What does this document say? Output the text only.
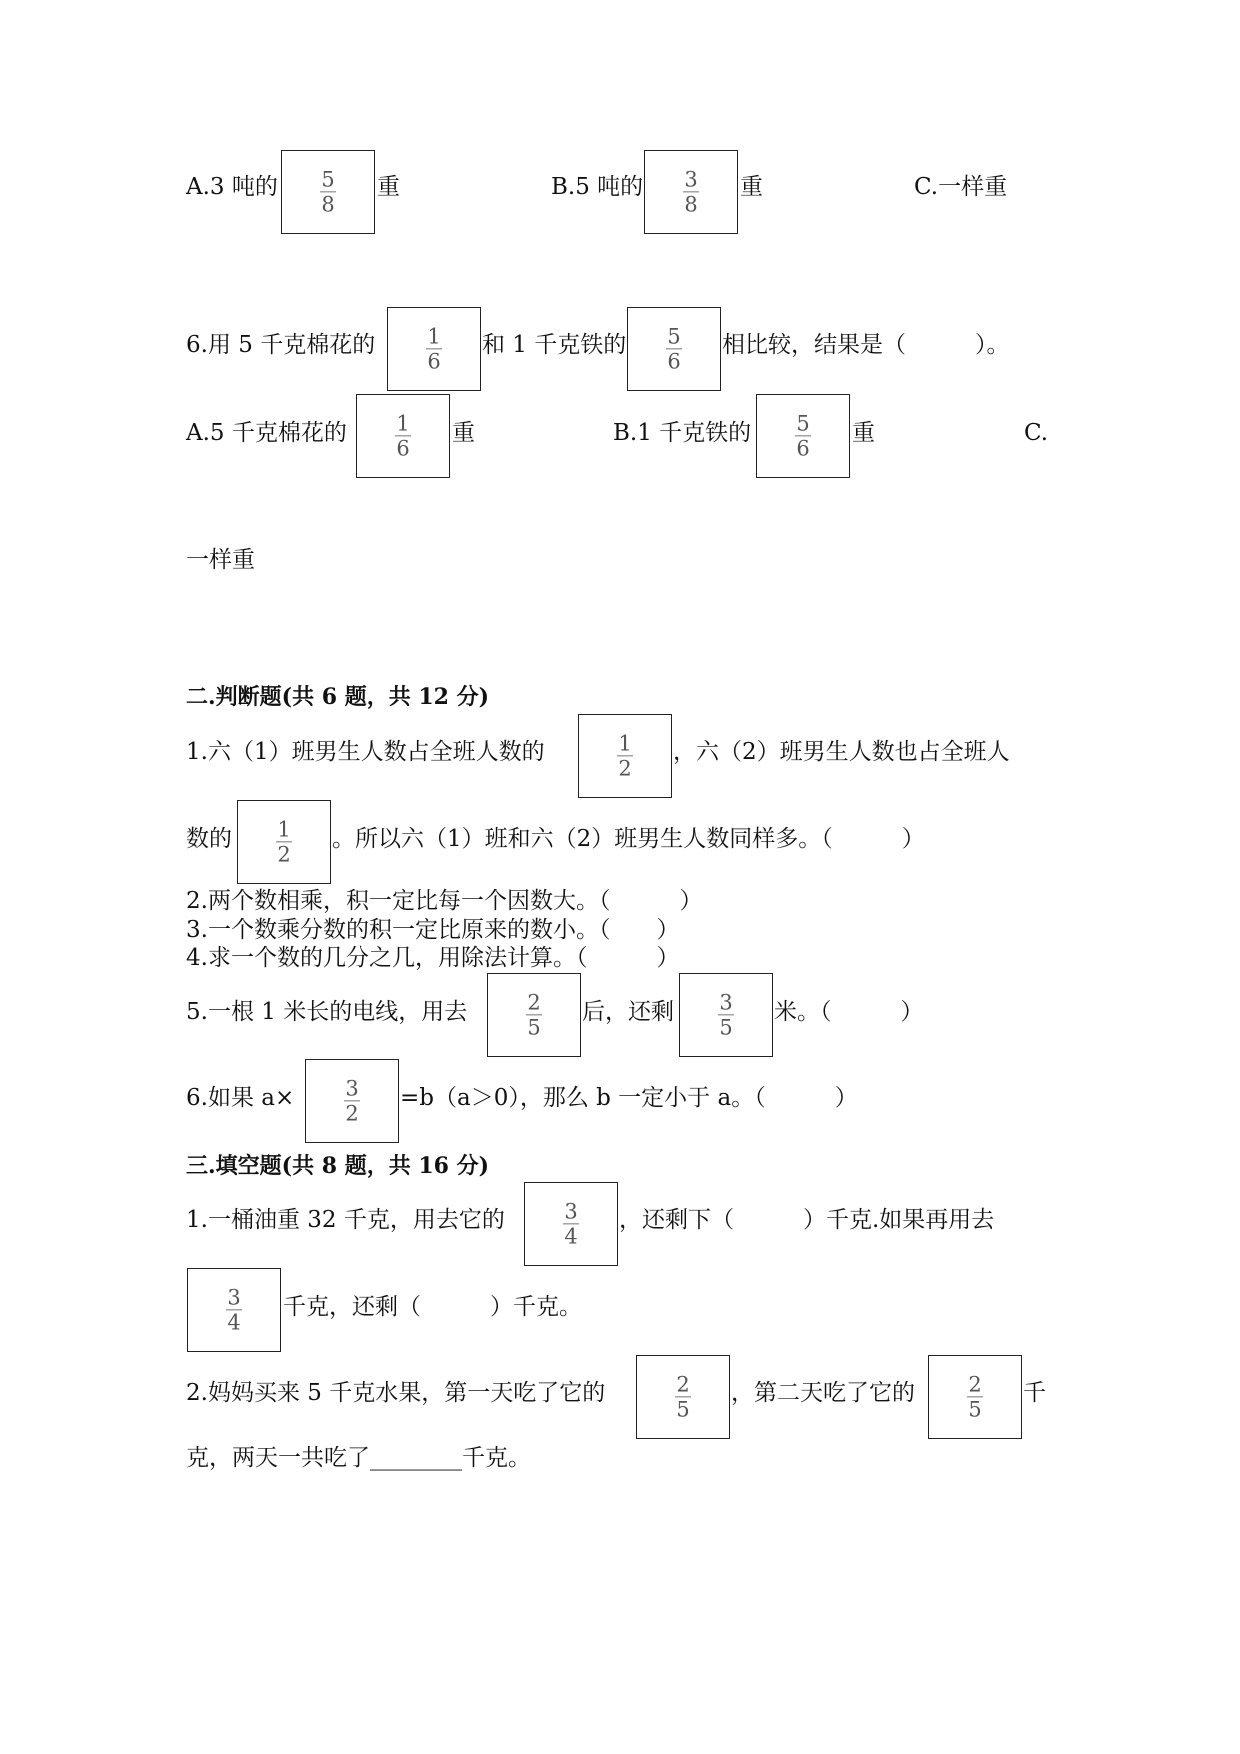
A.3 吨的 5
8
重	B.5 吨的 3
8
重	C.一样重
6.用 5 千克棉花的 1
6
和 1 千克铁的 5
6
相比较，结果是（　　　）。
A.5 千克棉花的 1
6
重	B.1 千克铁的 5
6
重	C.
一样重
二.判断题(共 6 题，共 12 分)
1.六（1）班男生人数占全班人数的	1
2
，六（2）班男生人数也占全班人
数的 1
2
。所以六（1）班和六（2）班男生人数同样多。（　　　）
2.两个数相乘，积一定比每一个因数大。（　　　）
3.一个数乘分数的积一定比原来的数小。（　　）
4.求一个数的几分之几，用除法计算。（　　　）
5.一根 1 米长的电线，用去	2
5
后，还剩 3
5
米。（　　　）
6.如果 a× 3
2
=b（a＞0），那么 b 一定小于 a。（　　　）
三.填空题(共 8 题，共 16 分)
1.一桶油重 32 千克，用去它的	3
4
，还剩下（　　　）千克.如果再用去
3
4
千克，还剩（　　　）千克。
2.妈妈买来 5 千克水果，第一天吃了它的	2
5
，第二天吃了它的	2
5
千
克，两天一共吃了________千克。
